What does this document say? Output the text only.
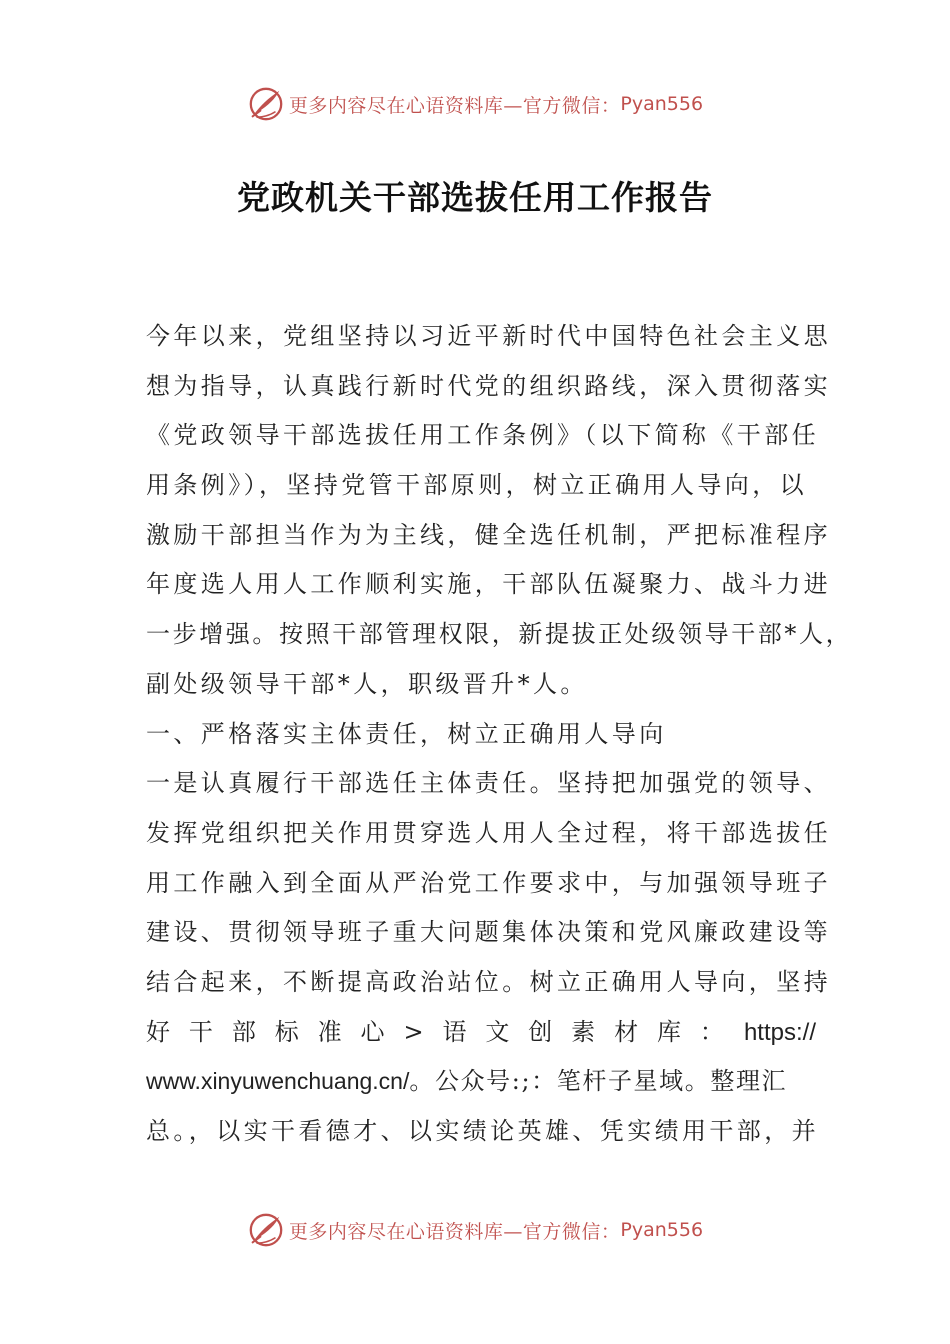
更多内容尽在心语资料库—官方微信： Pyan556
党政机关干部选拔任用工作报告
今年以来，党组坚持以习近平新时代中国特色社会主义思
想为指导，认真践行新时代党的组织路线，深入贯彻落实
《党政领导干部选拔任用工作条例》（以下简称《干部任
用条例》），坚持党管干部原则，树立正确用人导向，以
激励干部担当作为为主线，健全选任机制，严把标准程序
年度选人用人工作顺利实施，干部队伍凝聚力、战斗力进
一步增强。按照干部管理权限，新提拔正处级领导干部*人，
副处级领导干部*人，职级晋升*人。
一、严格落实主体责任，树立正确用人导向
一是认真履行干部选任主体责任。坚持把加强党的领导、
发挥党组织把关作用贯穿选人用人全过程，将干部选拔任
用工作融入到全面从严治党工作要求中，与加强领导班子
建设、贯彻领导班子重大问题集体决策和党风廉政建设等
结合起来，不断提高政治站位。树立正确用人导向，坚持
好 干 部 标 准 心 > 语 文 创 素 材 库 ： https://
www.xinyuwenchuang.cn/。公众号:;：笔杆子星域。整理汇
总。，以实干看德才、以实绩论英雄、凭实绩用干部，并
更多内容尽在心语资料库—官方微信： Pyan556
